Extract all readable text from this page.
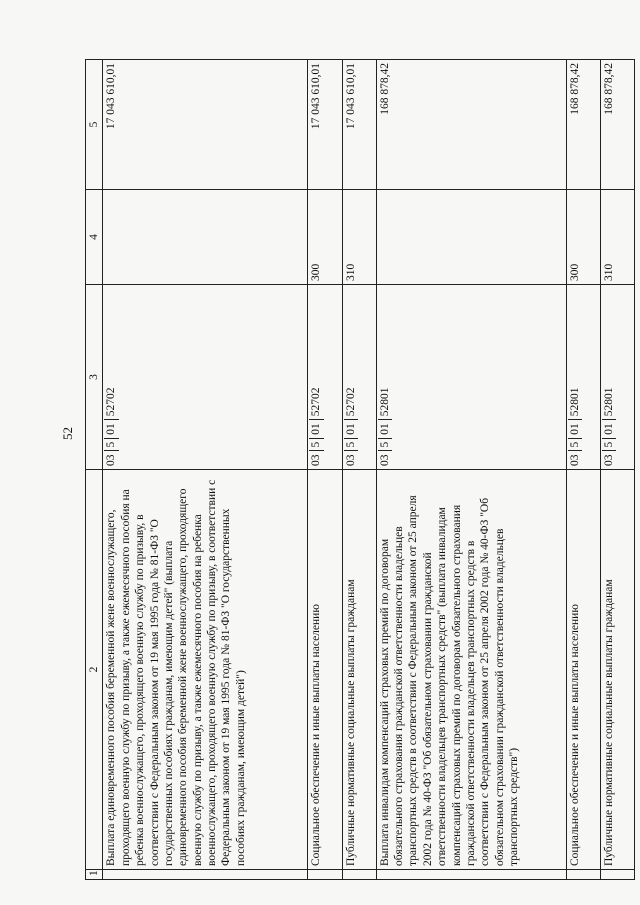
52
1	2	3	4	5
	Выплата единовременного пособия беременной жене военнослужащего, проходящего военную службу по призыву, а также ежемесячного пособия на ребенка военнослужащего, проходящего военную службу по призыву, в соответствии с Федеральным законом от 19 мая 1995 года № 81-ФЗ "О государственных пособиях гражданам, имеющим детей" (выплата единовременного пособия беременной жене военнослужащего, проходящего военную службу по призыву, а также ежемесячного пособия на ребенка военнослужащего, проходящего военную службу по призыву, в соответствии с Федеральным законом от 19 мая 1995 года № 81-ФЗ "О государственных пособиях гражданам, имеющим детей")	0350152702		17 043 610,01
	Социальное обеспечение и иные выплаты населению	0350152702	300	17 043 610,01
	Публичные нормативные социальные выплаты гражданам	0350152702	310	17 043 610,01
	Выплата инвалидам компенсаций страховых премий по договорам обязательного страхования гражданской ответственности владельцев транспортных средств в соответствии с Федеральным законом от 25 апреля 2002 года № 40-ФЗ "Об обязательном страховании гражданской ответственности владельцев транспортных средств" (выплата инвалидам компенсаций страховых премий по договорам обязательного страхования гражданской ответственности владельцев транспортных средств в соответствии с Федеральным законом от 25 апреля 2002 года № 40-ФЗ "Об обязательном страховании гражданской ответственности владельцев транспортных средств")	0350152801		168 878,42
	Социальное обеспечение и иные выплаты населению	0350152801	300	168 878,42
	Публичные нормативные социальные выплаты гражданам	0350152801	310	168 878,42
